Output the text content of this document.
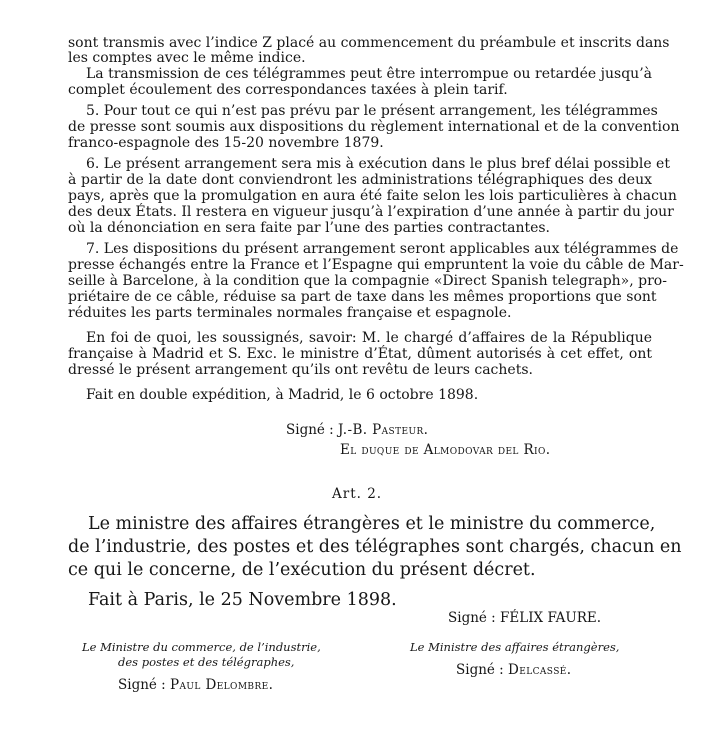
sont transmis avec l’indice Z placé au commencement du préambule et inscrits dans
les comptes avec le même indice.
La transmission de ces télégrammes peut être interrompue ou retardée jusqu’à
complet écoulement des correspondances taxées à plein tarif.
5. Pour tout ce qui n’est pas prévu par le présent arrangement, les télégrammes
de presse sont soumis aux dispositions du règlement international et de la convention
franco-espagnole des 15-20 novembre 1879.
6. Le présent arrangement sera mis à exécution dans le plus bref délai possible et
à partir de la date dont conviendront les administrations télégraphiques des deux
pays, après que la promulgation en aura été faite selon les lois particulières à chacun
des deux États. Il restera en vigueur jusqu’à l’expiration d’une année à partir du jour
où la dénonciation en sera faite par l’une des parties contractantes.
7. Les dispositions du présent arrangement seront applicables aux télégrammes de
presse échangés entre la France et l’Espagne qui empruntent la voie du câble de Mar-
seille à Barcelone, à la condition que la compagnie «Direct Spanish telegraph», pro-
priétaire de ce câble, réduise sa part de taxe dans les mêmes proportions que sont
réduites les parts terminales normales française et espagnole.
En foi de quoi, les soussignés, savoir: M. le chargé d’affaires de la République
française à Madrid et S. Exc. le ministre d’État, dûment autorisés à cet effet, ont
dressé le présent arrangement qu’ils ont revêtu de leurs cachets.
Fait en double expédition, à Madrid, le 6 octobre 1898.
Signé : J.-B. Pasteur.
El duque de Almodovar del Rio.
Art. 2.
Le ministre des affaires étrangères et le ministre du commerce,
de l’industrie, des postes et des télégraphes sont chargés, chacun en
ce qui le concerne, de l’exécution du présent décret.
Fait à Paris, le 25 Novembre 1898.
Signé : FÉLIX FAURE.
Le Ministre du commerce, de l’industrie,
des postes et des télégraphes,
Signé : Paul Delombre.
Le Ministre des affaires étrangères,
Signé : Delcassé.
